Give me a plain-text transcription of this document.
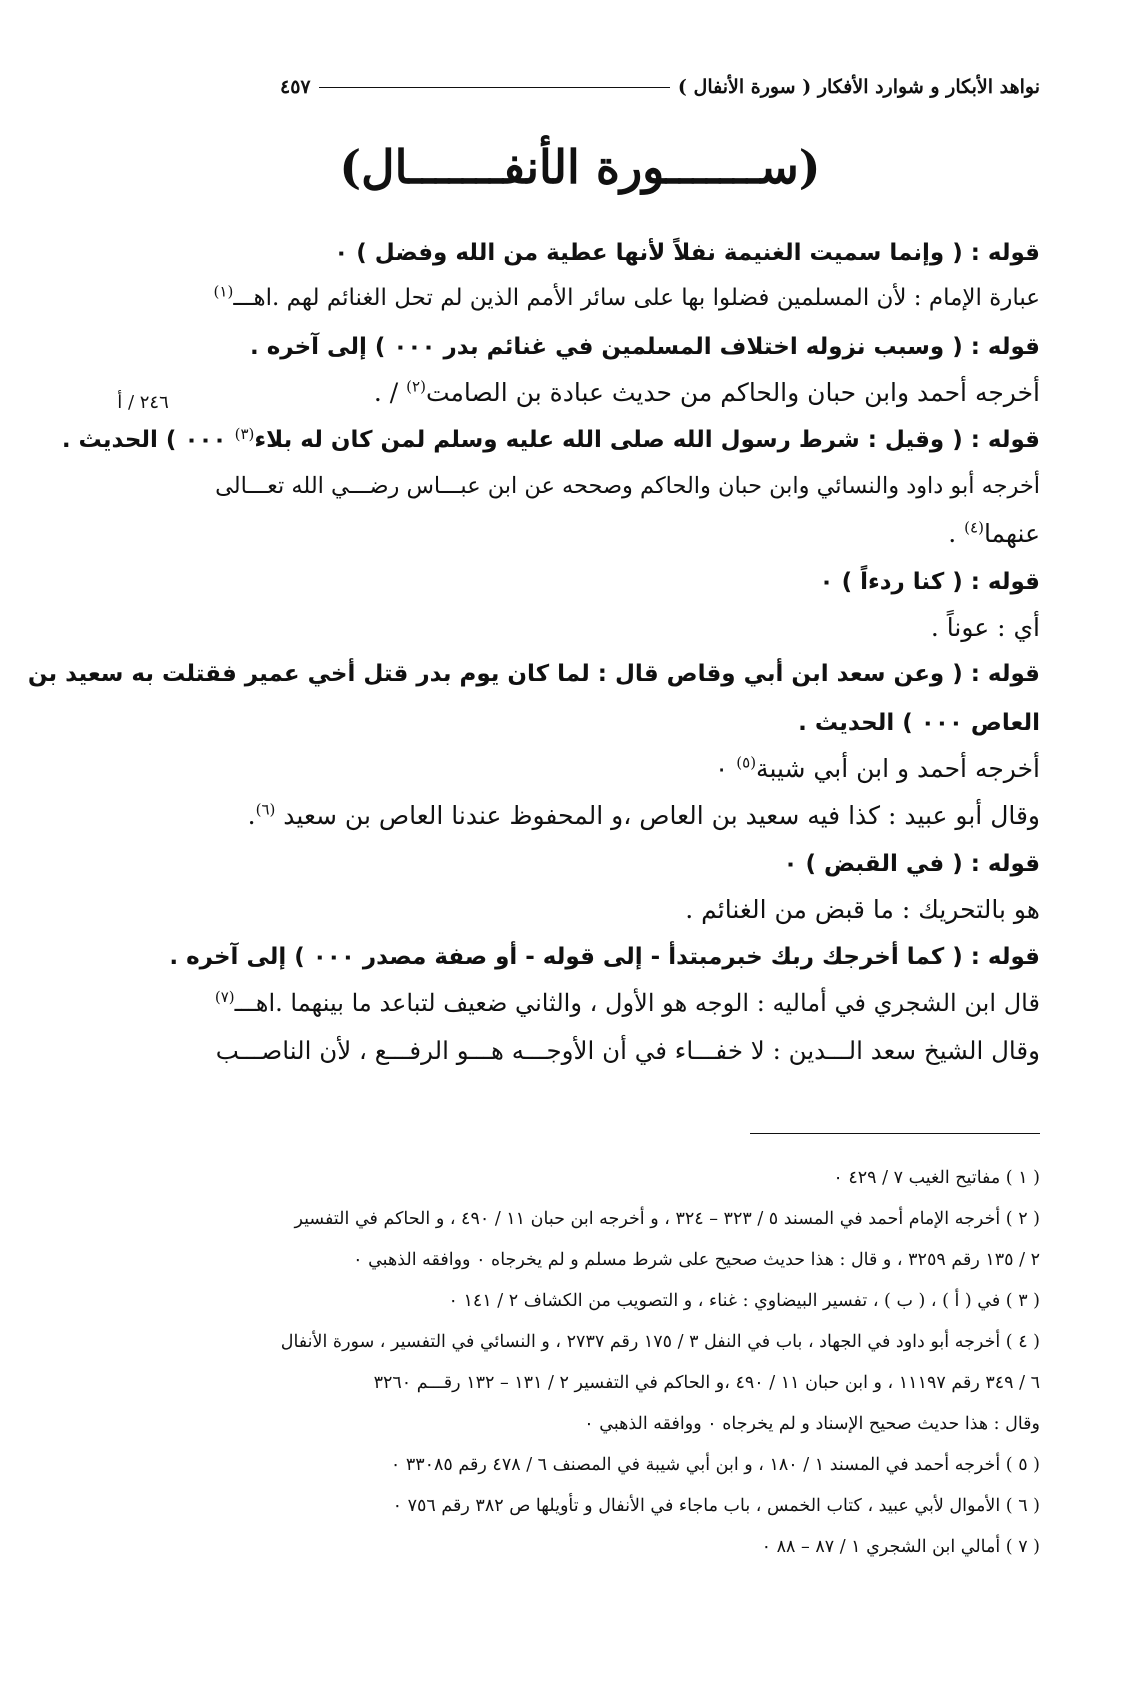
نواهد الأبكار و شوارد الأفكار ( سورة الأنفال )
٤٥٧
(ســـــــورة الأنفـــــــال)
٢٤٦ / أ
قوله : ( وإنما سميت الغنيمة نفلاً لأنها عطية من الله وفضل ) ٠
عبارة الإمام : لأن المسلمين فضلوا بها على سائر الأمم الذين لم تحل الغنائم لهم .اهـــ$^{(١)}$
قوله : ( وسبب نزوله اختلاف المسلمين في غنائم بدر ٠٠٠ ) إلى آخره .
أخرجه أحمد وابن حبان والحاكم من حديث عبادة بن الصامت$^{(٢)}$ / .
قوله : ( وقيل : شرط رسول الله صلى الله عليه وسلم لمن كان له بلاء$^{(٣)}$ ٠٠٠ ) الحديث .
أخرجه أبو داود والنسائي وابن حبان والحاكم وصححه عن ابن عبـــاس رضـــي الله تعـــالى
عنهما$^{(٤)}$ .
قوله : ( كنا ردءاً ) ٠
أي : عوناً .
قوله : ( وعن سعد ابن أبي وقاص قال : لما كان يوم بدر قتل أخي عمير فقتلت به سعيد بن
العاص ٠٠٠ ) الحديث .
أخرجه أحمد و ابن أبي شيبة$^{(٥)}$ ٠
وقال أبو عبيد : كذا فيه سعيد بن العاص ،و المحفوظ عندنا العاص بن سعيد $^{(٦)}$.
قوله : ( في القبض ) ٠
هو بالتحريك : ما قبض من الغنائم .
قوله : ( كما أخرجك ربك خبرمبتدأ - إلى قوله - أو صفة مصدر ٠٠٠ ) إلى آخره .
قال ابن الشجري في أماليه : الوجه هو الأول ، والثاني ضعيف لتباعد ما بينهما .اهـــ$^{(٧)}$
وقال الشيخ سعد الـــدين : لا خفـــاء في أن الأوجـــه هـــو الرفـــع ، لأن الناصـــب
( ١ ) مفاتيح الغيب ٧ / ٤٢٩ ٠
( ٢ ) أخرجه الإمام أحمد في المسند ٥ / ٣٢٣ – ٣٢٤ ، و أخرجه ابن حبان ١١ / ٤٩٠ ، و الحاكم في التفسير
٢ / ١٣٥ رقم ٣٢٥٩ ، و قال : هذا حديث صحيح على شرط مسلم و لم يخرجاه ٠ ووافقه الذهبي ٠
( ٣ ) في ( أ ) ، ( ب ) ، تفسير البيضاوي : غناء ، و التصويب من الكشاف ٢ / ١٤١ ٠
( ٤ ) أخرجه أبو داود في الجهاد ، باب في النفل ٣ / ١٧٥ رقم ٢٧٣٧ ، و النسائي في التفسير ، سورة الأنفال
٦ / ٣٤٩ رقم ١١١٩٧ ، و ابن حبان ١١ / ٤٩٠ ،و الحاكم في التفسير ٢ / ١٣١ – ١٣٢ رقـــم ٣٢٦٠
وقال : هذا حديث صحيح الإسناد و لم يخرجاه ٠ ووافقه الذهبي ٠
( ٥ ) أخرجه أحمد في المسند ١ / ١٨٠ ، و ابن أبي شيبة في المصنف ٦ / ٤٧٨ رقم ٣٣٠٨٥ ٠
( ٦ ) الأموال لأبي عبيد ، كتاب الخمس ، باب ماجاء في الأنفال و تأويلها ص ٣٨٢ رقم ٧٥٦ ٠
( ٧ ) أمالي ابن الشجري ١ / ٨٧ – ٨٨ ٠
